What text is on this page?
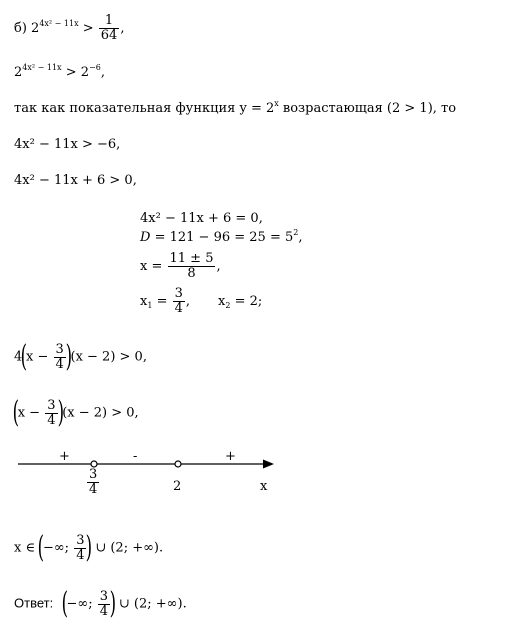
б) $2^{4x^2 - 11x} > \frac{1}{64}$ ,
$2^{4x^2 - 11x} > 2^{-6}$,
так как показательная функция $y = 2^x$ возрастающая (2 > 1), то
4x² − 11x > −6,
4x² − 11x + 6 > 0,
4x² − 11x + 6 = 0,
$D = 121 - 96 = 25 = 5^2$,
$x = \frac{11 \pm 5}{8}$ ,
$x_1 = \frac{3}{4}$ , $x_2 = 2$;
$4(x - \frac{3}{4} )(x - 2) > 0$,
$(x - \frac{3}{4} )(x - 2) > 0$,
+	-	+
$\frac{3}{4}$	2	x
x ∈ (−∞; $\frac{3}{4}$ ) ∪ (2; +∞).
Ответ: (−∞; $\frac{3}{4}$ ) ∪ (2; +∞).
